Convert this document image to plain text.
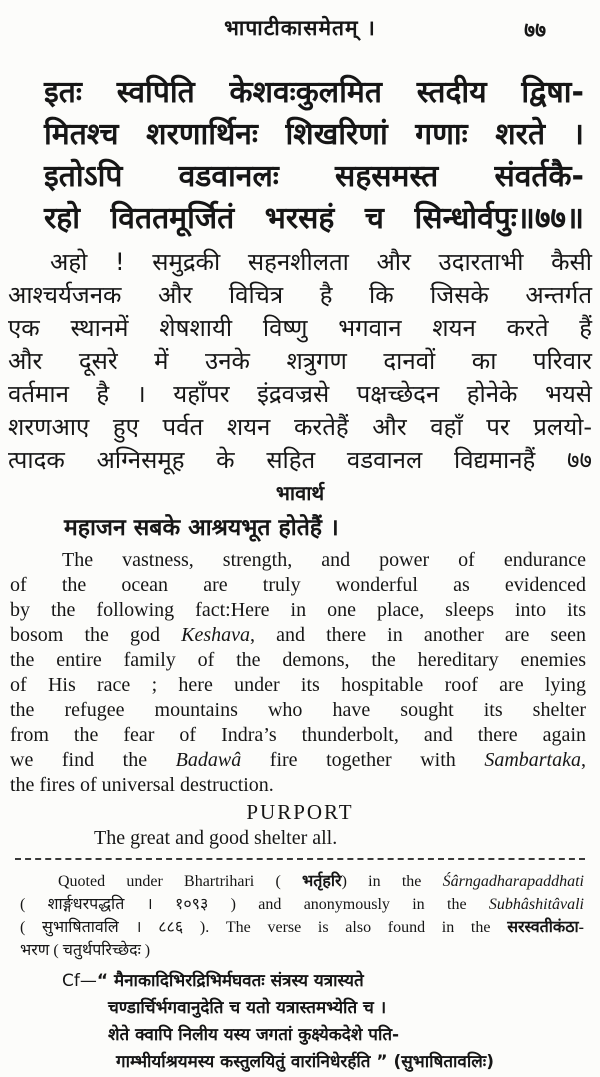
भापाटीकासमेतम् ।	७७
इतः स्वपिति केशवःकुलमित स्तदीय द्विषा-
मितश्च शरणार्थिनः शिखरिणां गणाः शरते ।
इतोऽपि वडवानलः सहसमस्त संवर्तकै-
रहो विततमूर्जितं भरसहं च सिन्धोर्वपुः॥७७॥
अहो ! समुद्रकी सहनशीलता और उदारताभी कैसी
आश्चर्यजनक और विचित्र है कि जिसके अन्तर्गत
एक स्थानमें शेषशायी विष्णु भगवान शयन करते हैं
और दूसरे में उनके शत्रुगण दानवों का परिवार
वर्तमान है । यहाँपर इंद्रवज्रसे पक्षच्छेदन होनेके भयसे
शरणआए हुए पर्वत शयन करतेहैं और वहाँ पर प्रलयो-
त्पादक अग्निसमूह के सहित वडवानल विद्यमानहैं ७७
भावार्थ
महाजन सबके आश्रयभूत होतेहैं ।
The vastness, strength, and power of endurance
of the ocean are truly wonderful as evidenced
by the following fact:Here in one place, sleeps into its
bosom the god Keshava, and there in another are seen
the entire family of the demons, the hereditary enemies
of His race ; here under its hospitable roof are lying
the refugee mountains who have sought its shelter
from the fear of Indra’s thunderbolt, and there again
we find the Badawâ fire together with Sambartaka,
the fires of universal destruction.
PURPORT
The great and good shelter all.
Quoted under Bhartrihari ( भर्तृहरि) in the Śârngadharapaddhati
( शार्ङ्गधरपद्धति । १०९३ ) and anonymously in the Subhâshitâvali
( सुभाषितावलि । ८८६ ). The verse is also found in the सरस्वतीकंठा-
भरण ( चतुर्थपरिच्छेदः )
Cf—“ मैनाकादिभिरद्रिभिर्मघवतः संत्रस्य यत्रास्यते
चण्डार्चिर्भगवानुदेति च यतो यत्रास्तमभ्येति च ।
शेते क्वापि निलीय यस्य जगतां कुक्ष्येकदेशे पति-
गाम्भीर्याश्रयमस्य कस्तुलयितुं वारांनिधेरर्हति ” (सुभाषितावलिः)
